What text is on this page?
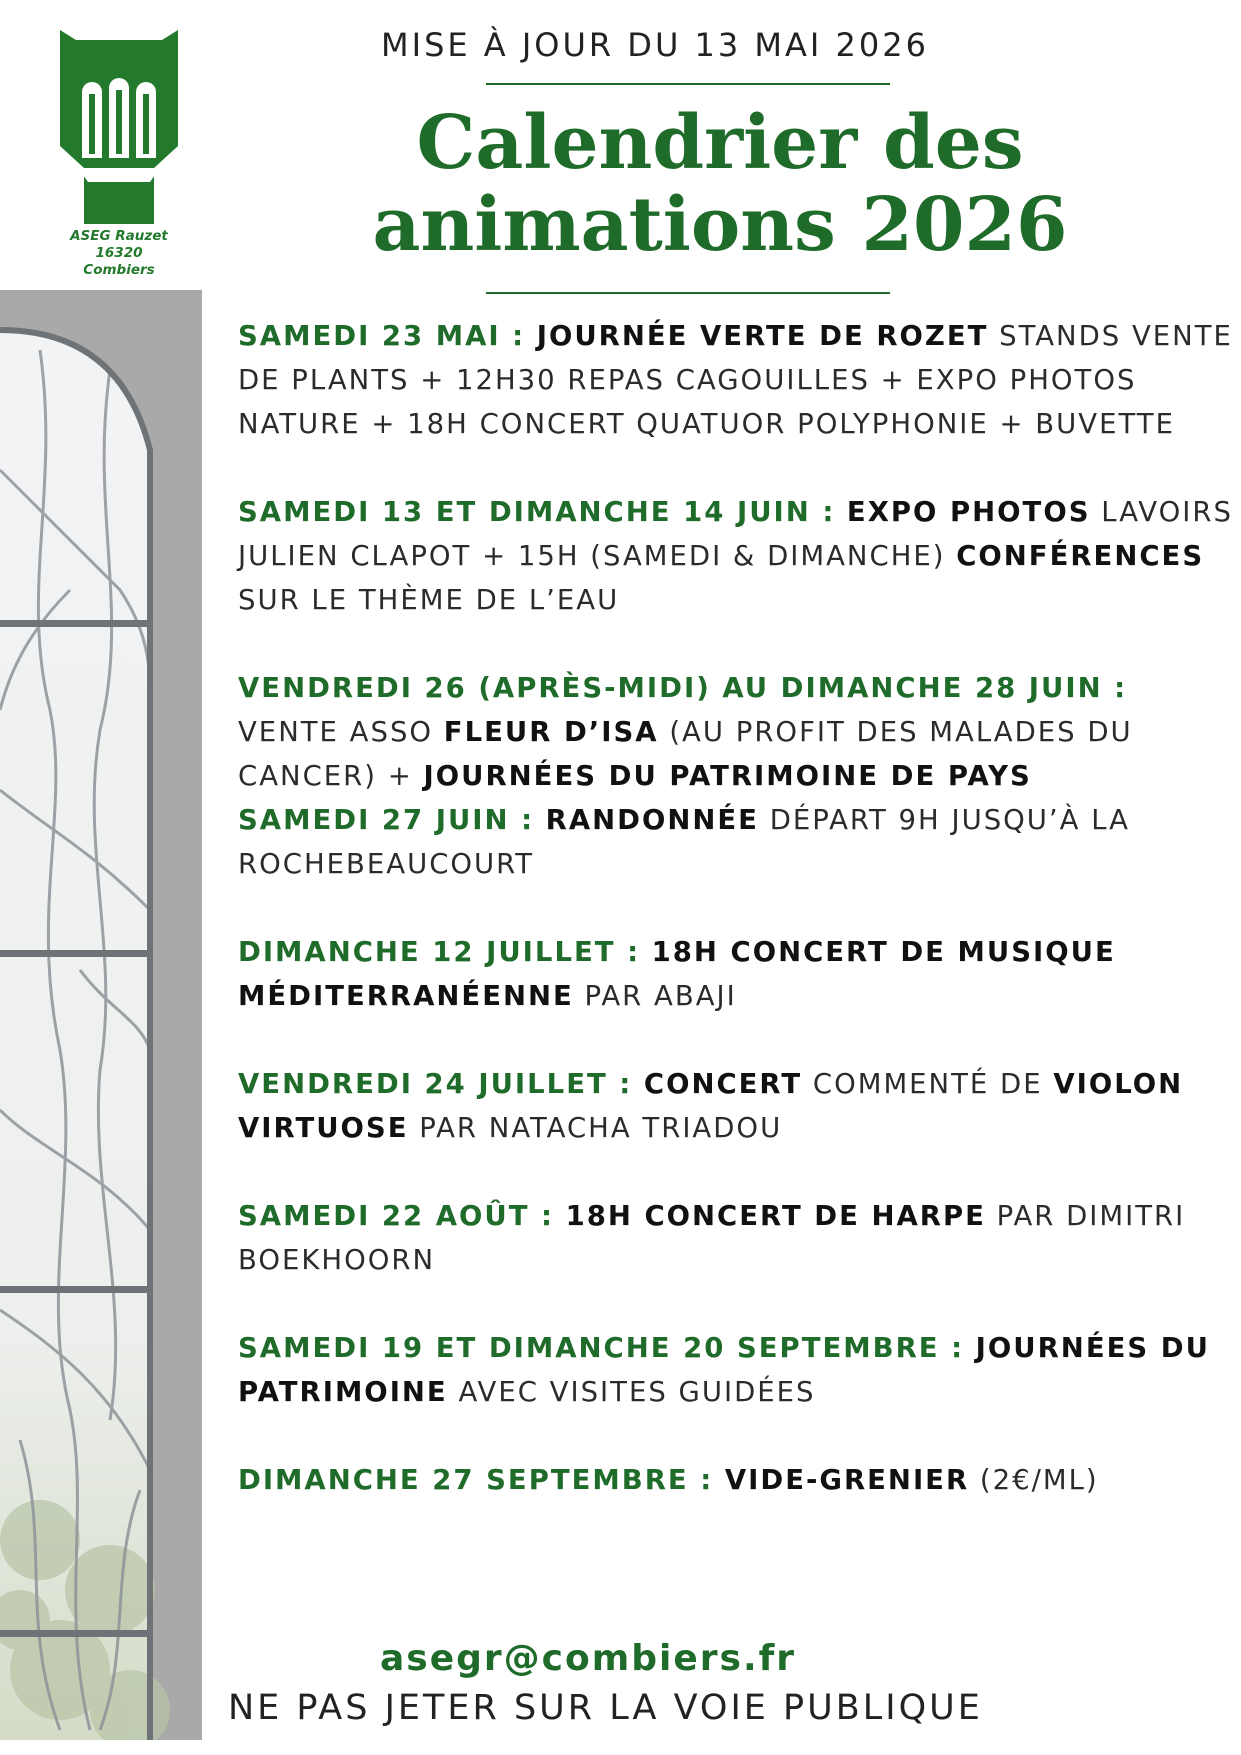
ASEG Rauzet
16320 Combiers
MISE À JOUR DU 13 MAI 2026
Calendrier des
animations 2026

SAMEDI 23 MAI : JOURNÉE VERTE DE ROZET STANDS VENTE DE PLANTS + 12H30 REPAS CAGOUILLES + EXPO PHOTOS NATURE + 18H CONCERT QUATUOR POLYPHONIE + BUVETTE

SAMEDI 13 ET DIMANCHE 14 JUIN : EXPO PHOTOS LAVOIRS JULIEN CLAPOT + 15H (SAMEDI & DIMANCHE) CONFÉRENCES SUR LE THÈME DE L’EAU

VENDREDI 26 (APRÈS-MIDI) AU DIMANCHE 28 JUIN : VENTE ASSO FLEUR D’ISA (AU PROFIT DES MALADES DU CANCER) + JOURNÉES DU PATRIMOINE DE PAYS

SAMEDI 27 JUIN : RANDONNÉE DÉPART 9H JUSQU’À LA ROCHEBEAUCOURT

DIMANCHE 12 JUILLET : 18H CONCERT DE MUSIQUE MÉDITERRANÉENNE PAR ABAJI

VENDREDI 24 JUILLET : CONCERT COMMENTÉ DE VIOLON VIRTUOSE PAR NATACHA TRIADOU

SAMEDI 22 AOÛT : 18H CONCERT DE HARPE PAR DIMITRI BOEKHOORN

SAMEDI 19 ET DIMANCHE 20 SEPTEMBRE : JOURNÉES DU PATRIMOINE AVEC VISITES GUIDÉES

DIMANCHE 27 SEPTEMBRE : VIDE-GRENIER (2€/ML)

asegr@combiers.fr
NE PAS JETER SUR LA VOIE PUBLIQUE
